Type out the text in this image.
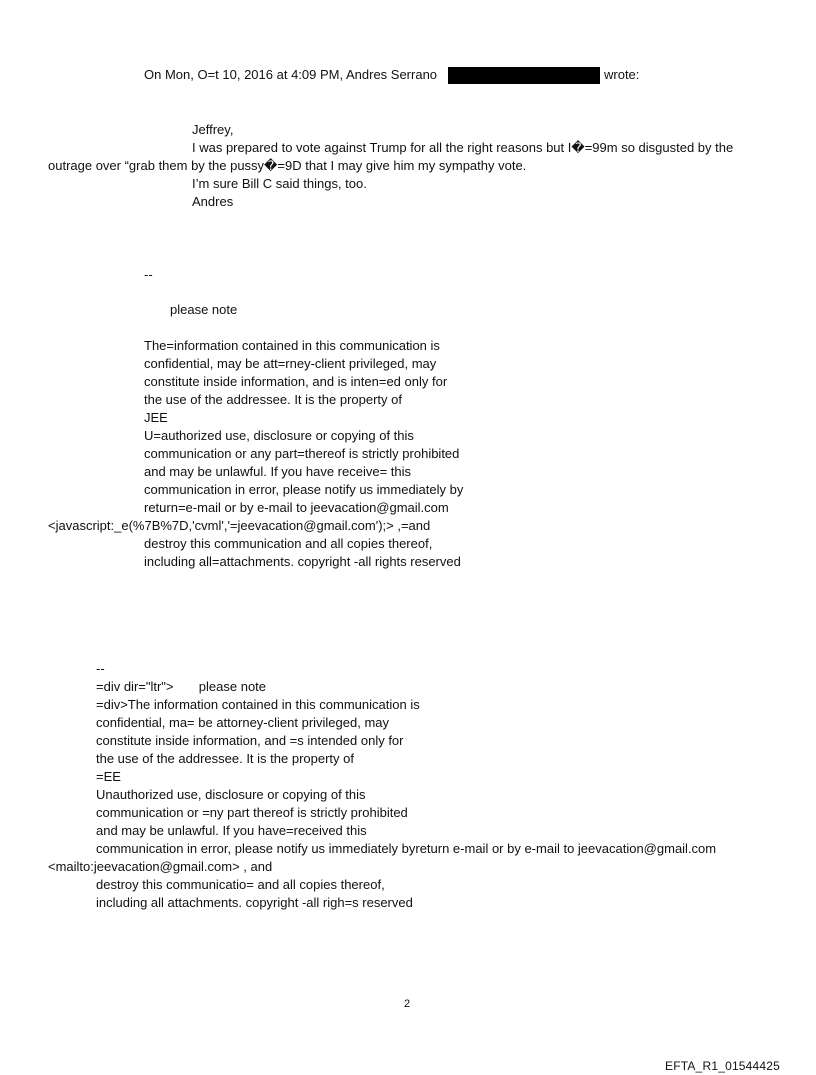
On Mon, O=t 10, 2016 at 4:09 PM, Andres Serrano	wrote:
Jeffrey,
I was prepared to vote against Trump for all the right reasons but I�=99m so disgusted by the
outrage over “grab them by the pussy�=9D that I may give him my sympathy vote.
I’m sure Bill C said things, too.
Andres
--
please note
The=information contained in this communication is
confidential, may be att=rney-client privileged, may
constitute inside information, and is inten=ed only for
the use of the addressee. It is the property of
JEE
U=authorized use, disclosure or copying of this
communication or any part=thereof is strictly prohibited
and may be unlawful. If you have receive= this
communication in error, please notify us immediately by
return=e-mail or by e-mail to jeevacation@gmail.com
<javascript:_e(%7B%7D,'cvml','=jeevacation@gmail.com');> ,=and
destroy this communication and all copies thereof,
including all=attachments. copyright -all rights reserved
--
=div dir="ltr">       please note
=div>The information contained in this communication is
confidential, ma= be attorney-client privileged, may
constitute inside information, and =s intended only for
the use of the addressee. It is the property of
=EE
Unauthorized use, disclosure or copying of this
communication or =ny part thereof is strictly prohibited
and may be unlawful. If you have=received this
communication in error, please notify us immediately byreturn e-mail or by e-mail to jeevacation@gmail.com
<mailto:jeevacation@gmail.com> , and
destroy this communicatio= and all copies thereof,
including all attachments. copyright -all righ=s reserved
2
EFTA_R1_01544425
